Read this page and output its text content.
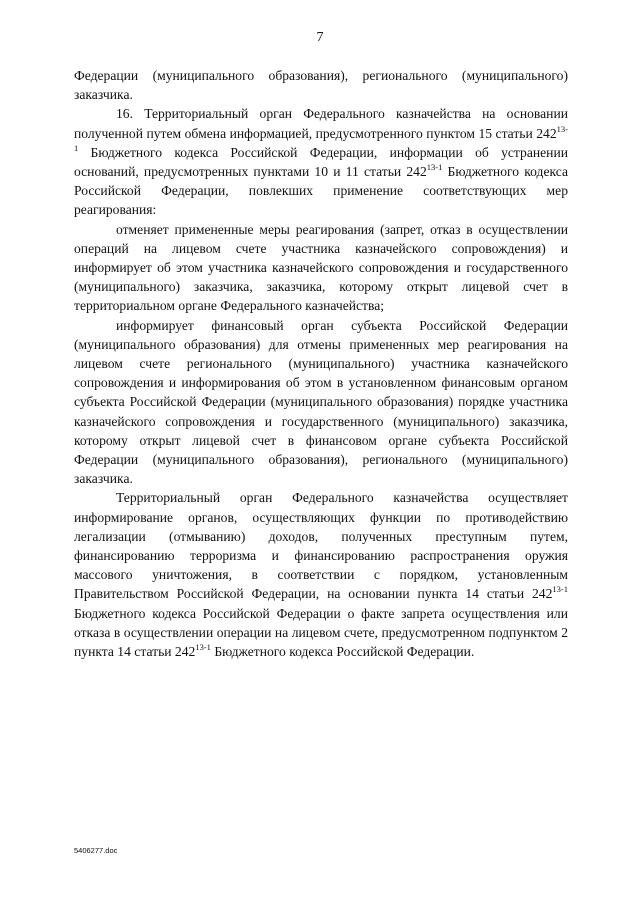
7

Федерации (муниципального образования), регионального (муниципального) заказчика.

16. Территориальный орган Федерального казначейства на основании полученной путем обмена информацией, предусмотренного пунктом 15 статьи 242$^{13-1}$ Бюджетного кодекса Российской Федерации, информации об устранении оснований, предусмотренных пунктами 10 и 11 статьи 242$^{13-1}$ Бюджетного кодекса Российской Федерации, повлекших применение соответствующих мер реагирования:

отменяет примененные меры реагирования (запрет, отказ в осуществлении операций на лицевом счете участника казначейского сопровождения) и информирует об этом участника казначейского сопровождения и государственного (муниципального) заказчика, заказчика, которому открыт лицевой счет в территориальном органе Федерального казначейства;

информирует финансовый орган субъекта Российской Федерации (муниципального образования) для отмены примененных мер реагирования на лицевом счете регионального (муниципального) участника казначейского сопровождения и информирования об этом в установленном финансовым органом субъекта Российской Федерации (муниципального образования) порядке участника казначейского сопровождения и государственного (муниципального) заказчика, которому открыт лицевой счет в финансовом органе субъекта Российской Федерации (муниципального образования), регионального (муниципального) заказчика.

Территориальный орган Федерального казначейства осуществляет информирование органов, осуществляющих функции по противодействию легализации (отмыванию) доходов, полученных преступным путем, финансированию терроризма и финансированию распространения оружия массового уничтожения, в соответствии с порядком, установленным Правительством Российской Федерации, на основании пункта 14 статьи 242$^{13-1}$ Бюджетного кодекса Российской Федерации о факте запрета осуществления или отказа в осуществлении операции на лицевом счете, предусмотренном подпунктом 2 пункта 14 статьи 242$^{13-1}$ Бюджетного кодекса Российской Федерации.

5406277.doc
